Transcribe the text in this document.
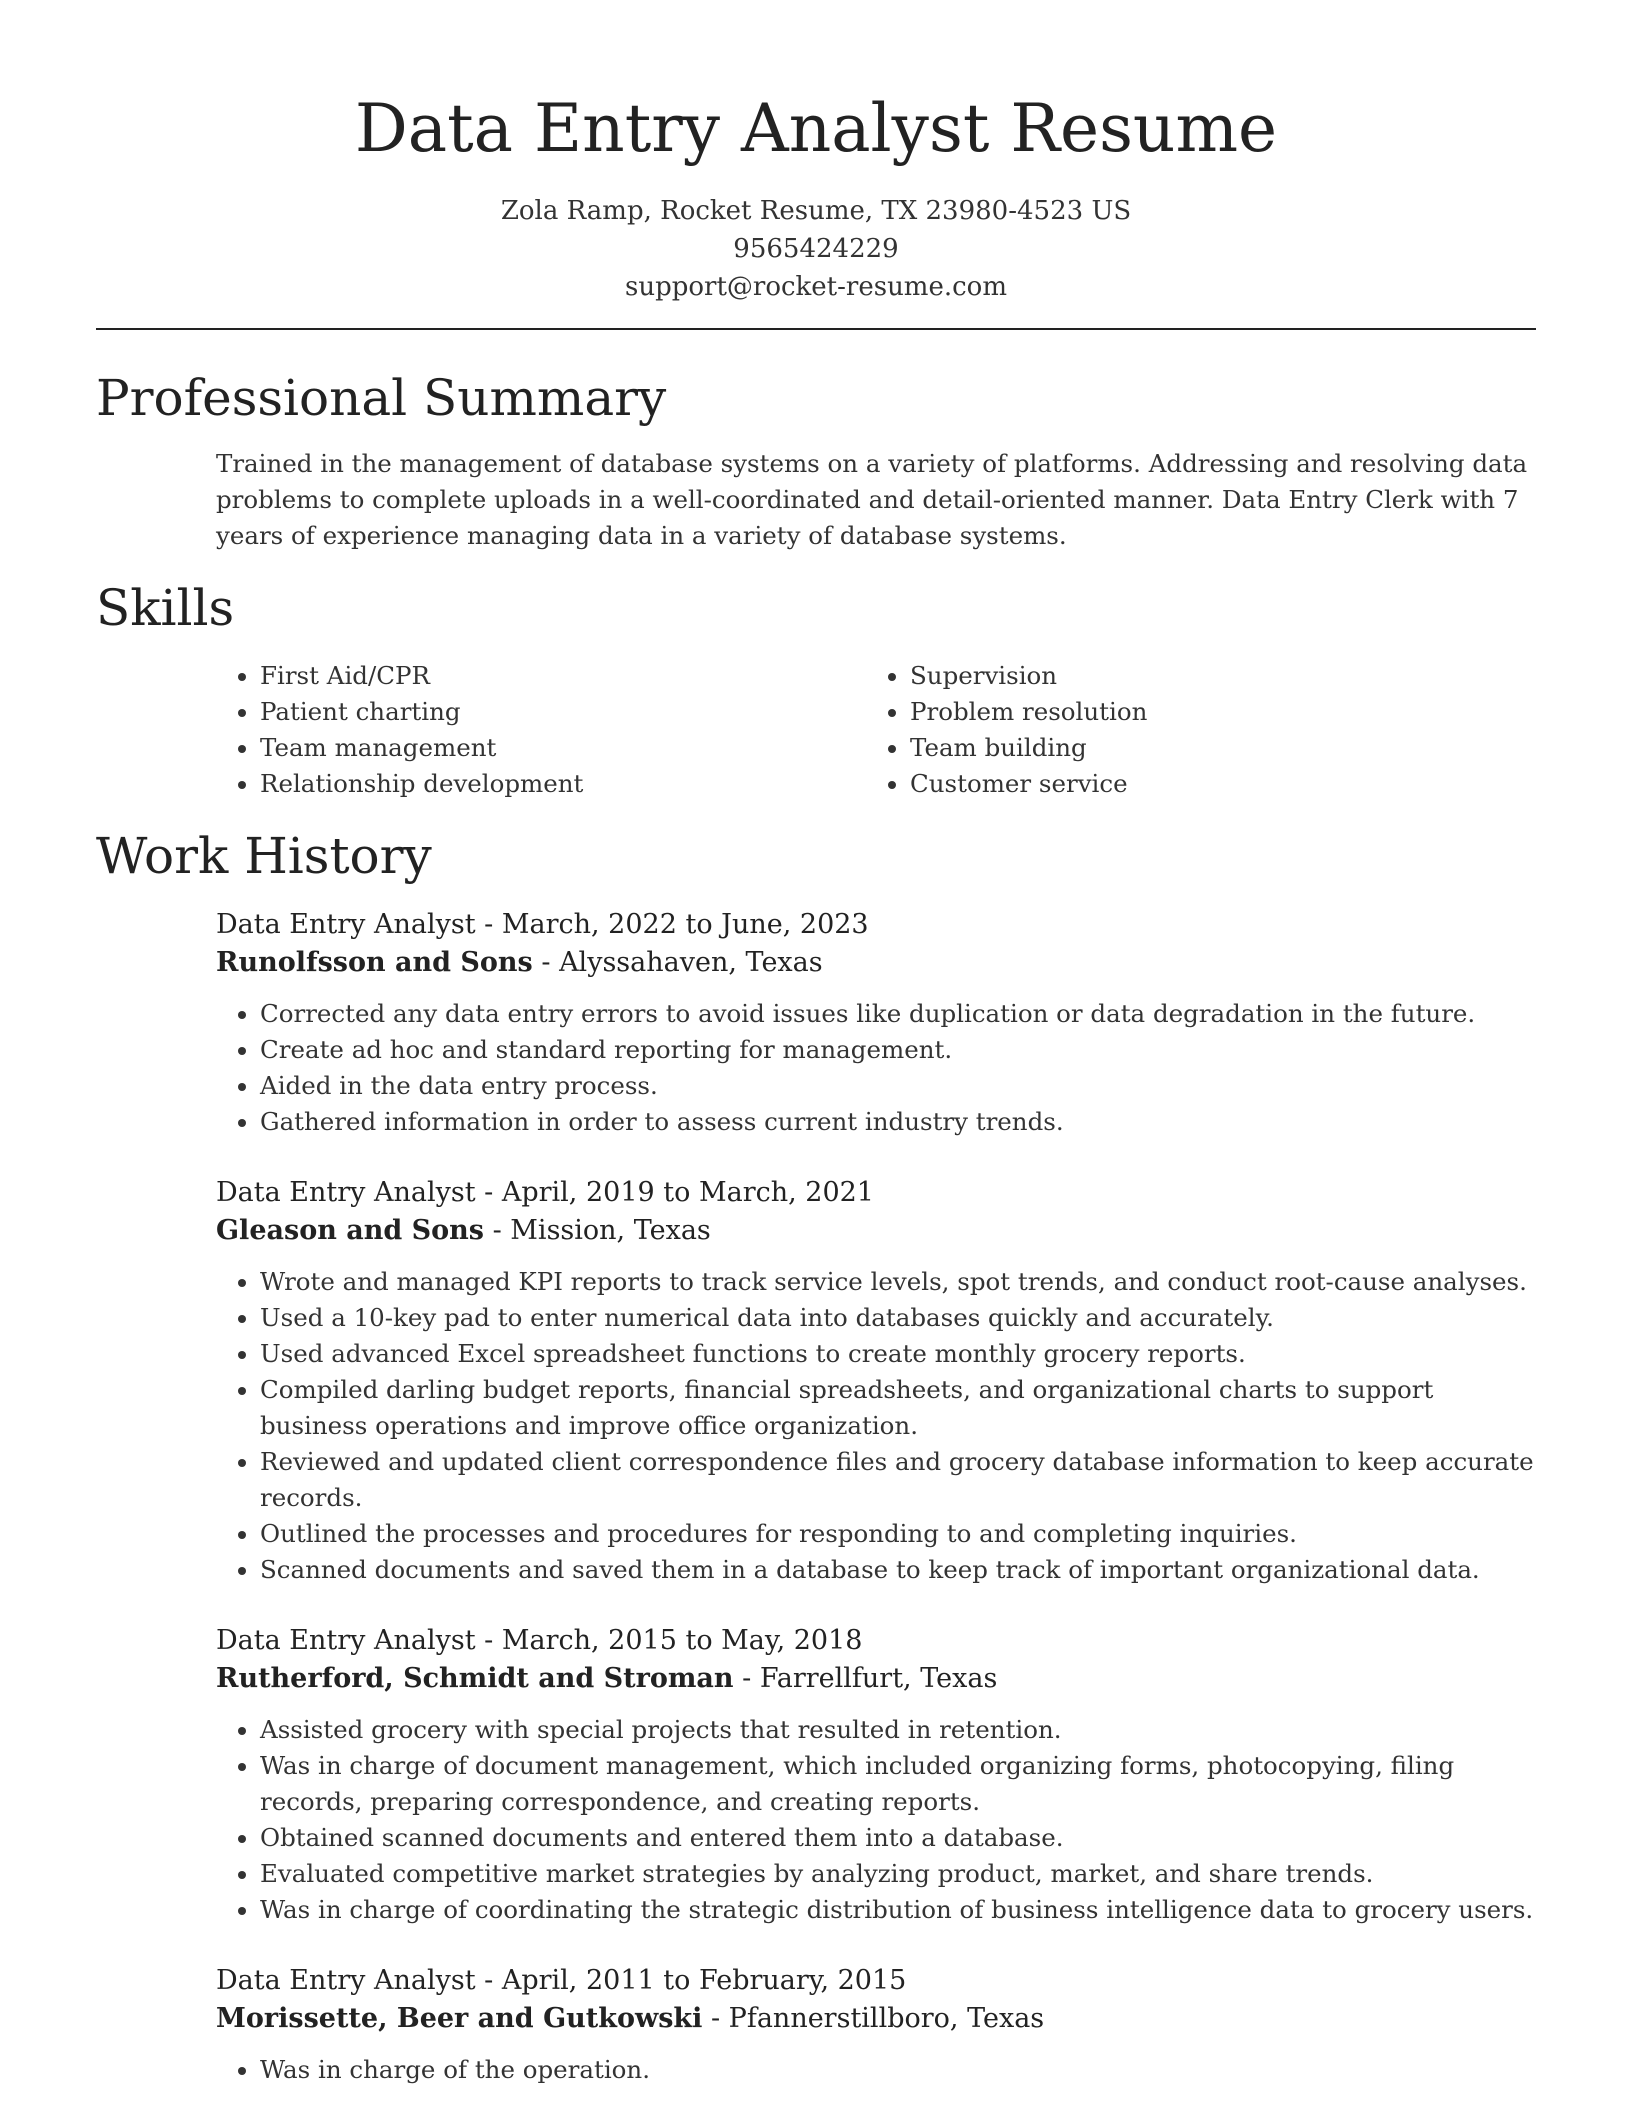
Data Entry Analyst Resume
Zola Ramp, Rocket Resume, TX 23980-4523 US
9565424229
support@rocket-resume.com
Professional Summary

Trained in the management of database systems on a variety of platforms. Addressing and resolving data problems to complete uploads in a well-coordinated and detail-oriented manner. Data Entry Clerk with 7 years of experience managing data in a variety of database systems.

Skills
• First Aid/CPR
• Patient charting
• Team management
• Relationship development
• Supervision
• Problem resolution
• Team building
• Customer service
Work History
Data Entry Analyst - March, 2022 to June, 2023
Runolfsson and Sons - Alyssahaven, Texas
• Corrected any data entry errors to avoid issues like duplication or data degradation in the future.
• Create ad hoc and standard reporting for management.
• Aided in the data entry process.
• Gathered information in order to assess current industry trends.
Data Entry Analyst - April, 2019 to March, 2021
Gleason and Sons - Mission, Texas
• Wrote and managed KPI reports to track service levels, spot trends, and conduct root-cause analyses.
• Used a 10-key pad to enter numerical data into databases quickly and accurately.
• Used advanced Excel spreadsheet functions to create monthly grocery reports.
• Compiled darling budget reports, financial spreadsheets, and organizational charts to support business operations and improve office organization.
• Reviewed and updated client correspondence files and grocery database information to keep accurate records.
• Outlined the processes and procedures for responding to and completing inquiries.
• Scanned documents and saved them in a database to keep track of important organizational data.
Data Entry Analyst - March, 2015 to May, 2018
Rutherford, Schmidt and Stroman - Farrellfurt, Texas
• Assisted grocery with special projects that resulted in retention.
• Was in charge of document management, which included organizing forms, photocopying, filing records, preparing correspondence, and creating reports.
• Obtained scanned documents and entered them into a database.
• Evaluated competitive market strategies by analyzing product, market, and share trends.
• Was in charge of coordinating the strategic distribution of business intelligence data to grocery users.
Data Entry Analyst - April, 2011 to February, 2015
Morissette, Beer and Gutkowski - Pfannerstillboro, Texas
• Was in charge of the operation.
